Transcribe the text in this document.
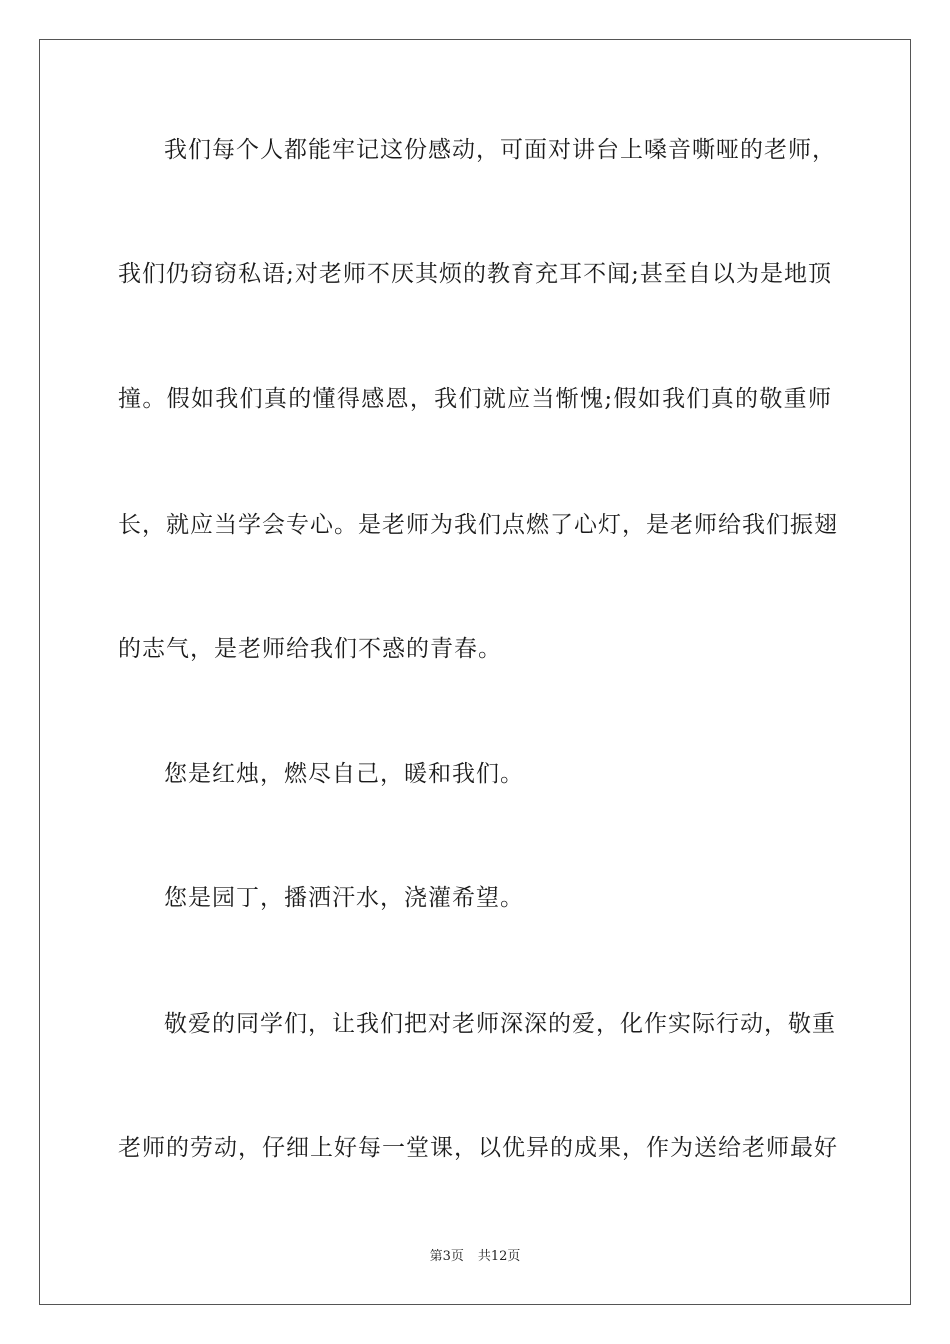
我们每个人都能牢记这份感动，可面对讲台上嗓音嘶哑的老师，
我们仍窃窃私语;对老师不厌其烦的教育充耳不闻;甚至自以为是地顶
撞。假如我们真的懂得感恩，我们就应当惭愧;假如我们真的敬重师
长，就应当学会专心。是老师为我们点燃了心灯，是老师给我们振翅
的志气，是老师给我们不惑的青春。
您是红烛，燃尽自己，暖和我们。
您是园丁，播洒汗水，浇灌希望。
敬爱的同学们，让我们把对老师深深的爱，化作实际行动，敬重
老师的劳动，仔细上好每一堂课，以优异的成果，作为送给老师最好
第3页 共12页
